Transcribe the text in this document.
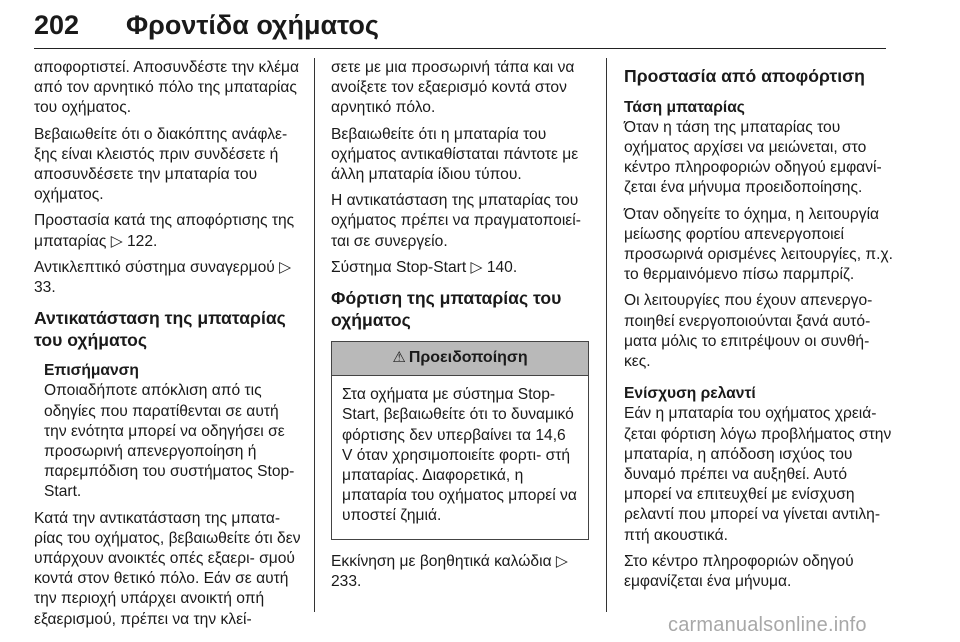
202 Φροντίδα οχήματος

αποφορτιστεί. Αποσυνδέστε την κλέμα από τον αρνητικό πόλο της μπαταρίας του οχήματος.

Βεβαιωθείτε ότι ο διακόπτης ανάφλε- ξης είναι κλειστός πριν συνδέσετε ή αποσυνδέσετε την μπαταρία του οχήματος.

Προστασία κατά της αποφόρτισης της μπαταρίας ▷ 122.

Αντικλεπτικό σύστημα συναγερμού ▷ 33.

Αντικατάσταση της μπαταρίας του οχήματος
Επισήμανση
Οποιαδήποτε απόκλιση από τις οδηγίες που παρατίθενται σε αυτή την ενότητα μπορεί να οδηγήσει σε προσωρινή απενεργοποίηση ή παρεμπόδιση του συστήματος Stop- Start.

Κατά την αντικατάσταση της μπατα- ρίας του οχήματος, βεβαιωθείτε ότι δεν υπάρχουν ανοικτές οπές εξαερι- σμού κοντά στον θετικό πόλο. Εάν σε αυτή την περιοχή υπάρχει ανοικτή οπή εξαερισμού, πρέπει να την κλεί-

σετε με μια προσωρινή τάπα και να ανοίξετε τον εξαερισμό κοντά στον αρνητικό πόλο.

Βεβαιωθείτε ότι η μπαταρία του οχήματος αντικαθίσταται πάντοτε με άλλη μπαταρία ίδιου τύπου.

Η αντικατάσταση της μπαταρίας του οχήματος πρέπει να πραγματοποιεί- ται σε συνεργείο.

Σύστημα Stop-Start ▷ 140.

Φόρτιση της μπαταρίας του οχήματος
⚠ Προειδοποίηση
Στα οχήματα με σύστημα Stop- Start, βεβαιωθείτε ότι το δυναμικό φόρτισης δεν υπερβαίνει τα 14,6 V όταν χρησιμοποιείτε φορτι- στή μπαταρίας. Διαφορετικά, η μπαταρία του οχήματος μπορεί να υποστεί ζημιά.

Εκκίνηση με βοηθητικά καλώδια ▷ 233.

Προστασία από αποφόρτιση
Τάση μπαταρίας

Όταν η τάση της μπαταρίας του οχήματος αρχίσει να μειώνεται, στο κέντρο πληροφοριών οδηγού εμφανί- ζεται ένα μήνυμα προειδοποίησης.

Όταν οδηγείτε το όχημα, η λειτουργία μείωσης φορτίου απενεργοποιεί προσωρινά ορισμένες λειτουργίες, π.χ. το θερμαινόμενο πίσω παρμπρίζ.

Οι λειτουργίες που έχουν απενεργο- ποιηθεί ενεργοποιούνται ξανά αυτό- ματα μόλις το επιτρέψουν οι συνθή- κες.

Ενίσχυση ρελαντί

Εάν η μπαταρία του οχήματος χρειά- ζεται φόρτιση λόγω προβλήματος στην μπαταρία, η απόδοση ισχύος του δυναμό πρέπει να αυξηθεί. Αυτό μπορεί να επιτευχθεί με ενίσχυση ρελαντί που μπορεί να γίνεται αντιλη- πτή ακουστικά.

Στο κέντρο πληροφοριών οδηγού εμφανίζεται ένα μήνυμα.

carmanualsonline.info
